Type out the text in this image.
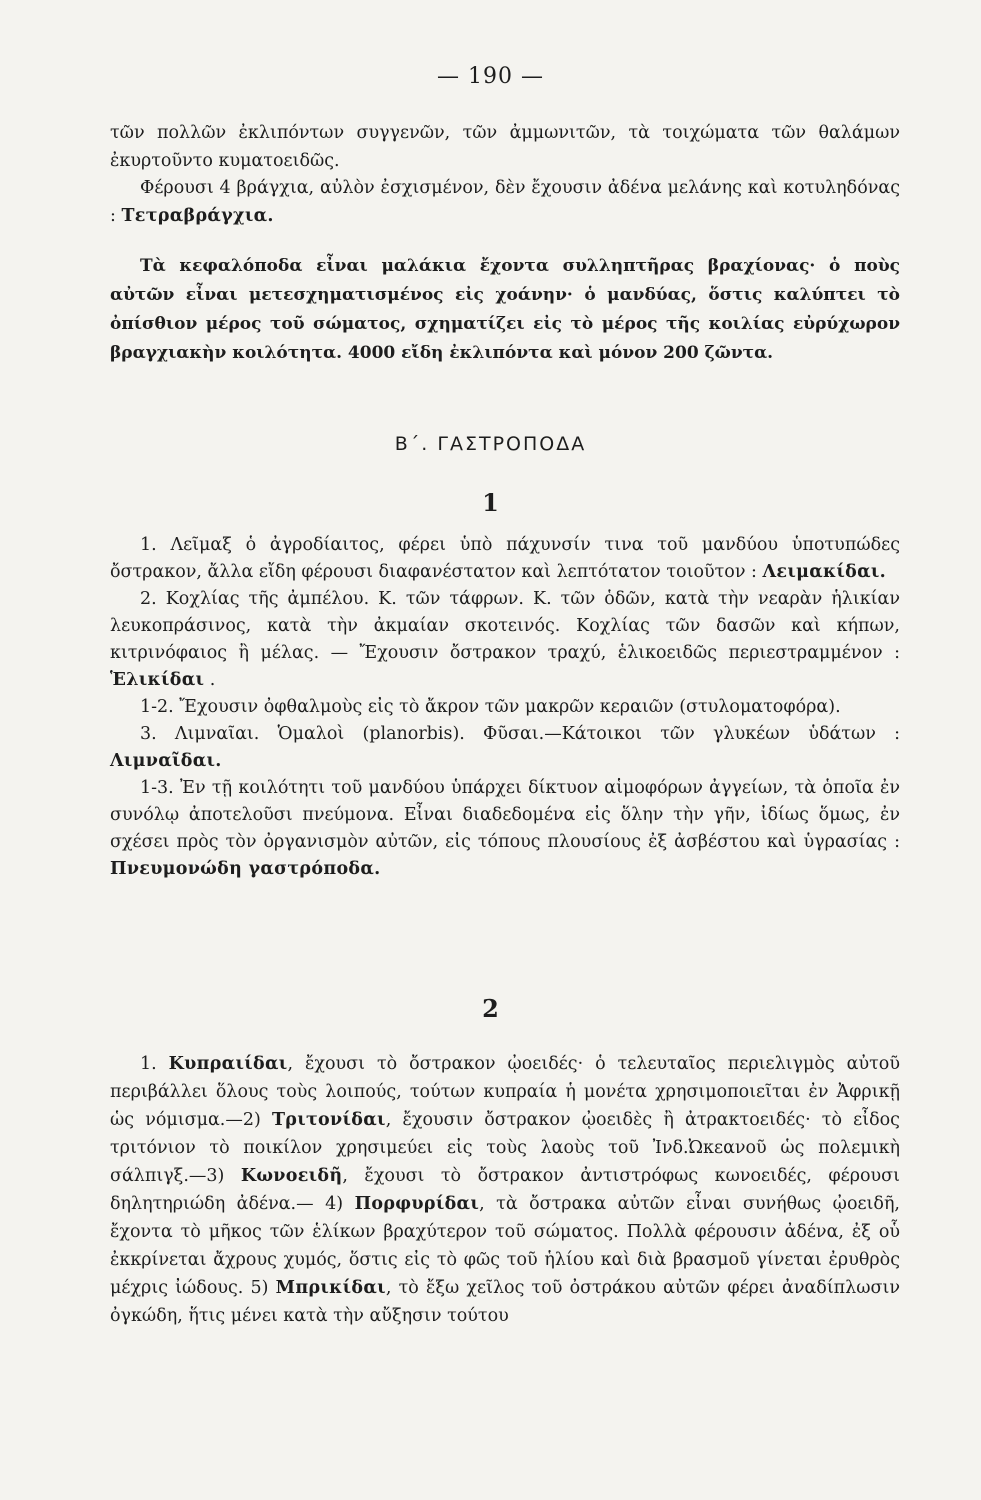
— 190 —

τῶν πολλῶν ἐκλιπόντων συγγενῶν, τῶν ἀμμωνιτῶν, τὰ τοιχώματα τῶν θαλάμων ἐκυρτοῦντο κυματοειδῶς.

Φέρουσι 4 βράγχια, αὐλὸν ἐσχισμένον, δὲν ἔχουσιν ἀδένα μελάνης καὶ κοτυληδόνας : Τετραβράγχια.

Τὰ κεφαλόποδα εἶναι μαλάκια ἔχοντα συλληπτῆρας βραχίονας· ὁ ποὺς αὐτῶν εἶναι μετεσχηματισμένος εἰς χοάνην· ὁ μανδύας, ὅστις καλύπτει τὸ ὀπίσθιον μέρος τοῦ σώματος, σχηματίζει εἰς τὸ μέρος τῆς κοιλίας εὐρύχωρον βραγχιακὴν κοιλότητα. 4000 εἴδη ἐκλιπόντα καὶ μόνον 200 ζῶντα.

Β΄. ΓΑΣΤΡΟΠΟΔΑ
1

1. Λεῖμαξ ὁ ἀγροδίαιτος, φέρει ὑπὸ πάχυνσίν τινα τοῦ μανδύου ὑποτυπώδες ὄστρακον, ἄλλα εἴδη φέρουσι διαφανέστατον καὶ λεπτότατον τοιοῦτον : Λειμακίδαι.

2. Κοχλίας τῆς ἀμπέλου. Κ. τῶν τάφρων. Κ. τῶν ὁδῶν, κατὰ τὴν νεαρὰν ἡλικίαν λευκοπράσινος, κατὰ τὴν ἀκμαίαν σκοτεινός. Κοχλίας τῶν δασῶν καὶ κήπων, κιτρινόφαιος ἢ μέλας. — Ἔχουσιν ὄστρακον τραχύ, ἑλικοειδῶς περιεστραμμένον : Ἑλικίδαι .

1-2. Ἔχουσιν ὀφθαλμοὺς εἰς τὸ ἄκρον τῶν μακρῶν κεραιῶν (στυλοματοφόρα).

3. Λιμναῖαι. Ὁμαλοὶ (planorbis). Φῦσαι.—Κάτοικοι τῶν γλυκέων ὑδάτων : Λιμναῖδαι.

1-3. Ἐν τῇ κοιλότητι τοῦ μανδύου ὑπάρχει δίκτυον αἱμοφόρων ἀγγείων, τὰ ὁποῖα ἐν συνόλῳ ἀποτελοῦσι πνεύμονα. Εἶναι διαδεδομένα εἰς ὅλην τὴν γῆν, ἰδίως ὅμως, ἐν σχέσει πρὸς τὸν ὀργανισμὸν αὐτῶν, εἰς τόπους πλουσίους ἐξ ἀσβέστου καὶ ὑγρασίας : Πνευμονώδη γαστρόποδα.

2

1. Κυπραιίδαι, ἔχουσι τὸ ὄστρακον ᾠοειδές· ὁ τελευταῖος περιελιγμὸς αὐτοῦ περιβάλλει ὅλους τοὺς λοιπούς, τούτων κυπραία ἡ μονέτα χρησιμοποιεῖται ἐν Ἀφρικῇ ὡς νόμισμα.—2) Τριτονίδαι, ἔχουσιν ὄστρακον ᾠοειδὲς ἢ ἀτρακτοειδές· τὸ εἶδος τριτόνιον τὸ ποικίλον χρησιμεύει εἰς τοὺς λαοὺς τοῦ Ἰνδ.Ὠκεανοῦ ὡς πολεμικὴ σάλπιγξ.—3) Κωνοειδῆ, ἔχουσι τὸ ὄστρακον ἀντιστρόφως κωνοειδές, φέρουσι δηλητηριώδη ἀδένα.— 4) Πορφυρίδαι, τὰ ὄστρακα αὐτῶν εἶναι συνήθως ᾠοειδῆ, ἔχοντα τὸ μῆκος τῶν ἑλίκων βραχύτερον τοῦ σώματος. Πολλὰ φέρουσιν ἀδένα, ἐξ οὗ ἐκκρίνεται ἄχρους χυμός, ὅστις εἰς τὸ φῶς τοῦ ἡλίου καὶ διὰ βρασμοῦ γίνεται ἐρυθρὸς μέχρις ἰώδους. 5) Μπρικίδαι, τὸ ἔξω χεῖλος τοῦ ὀστράκου αὐτῶν φέρει ἀναδίπλωσιν ὀγκώδη, ἥτις μένει κατὰ τὴν αὔξησιν τούτου
